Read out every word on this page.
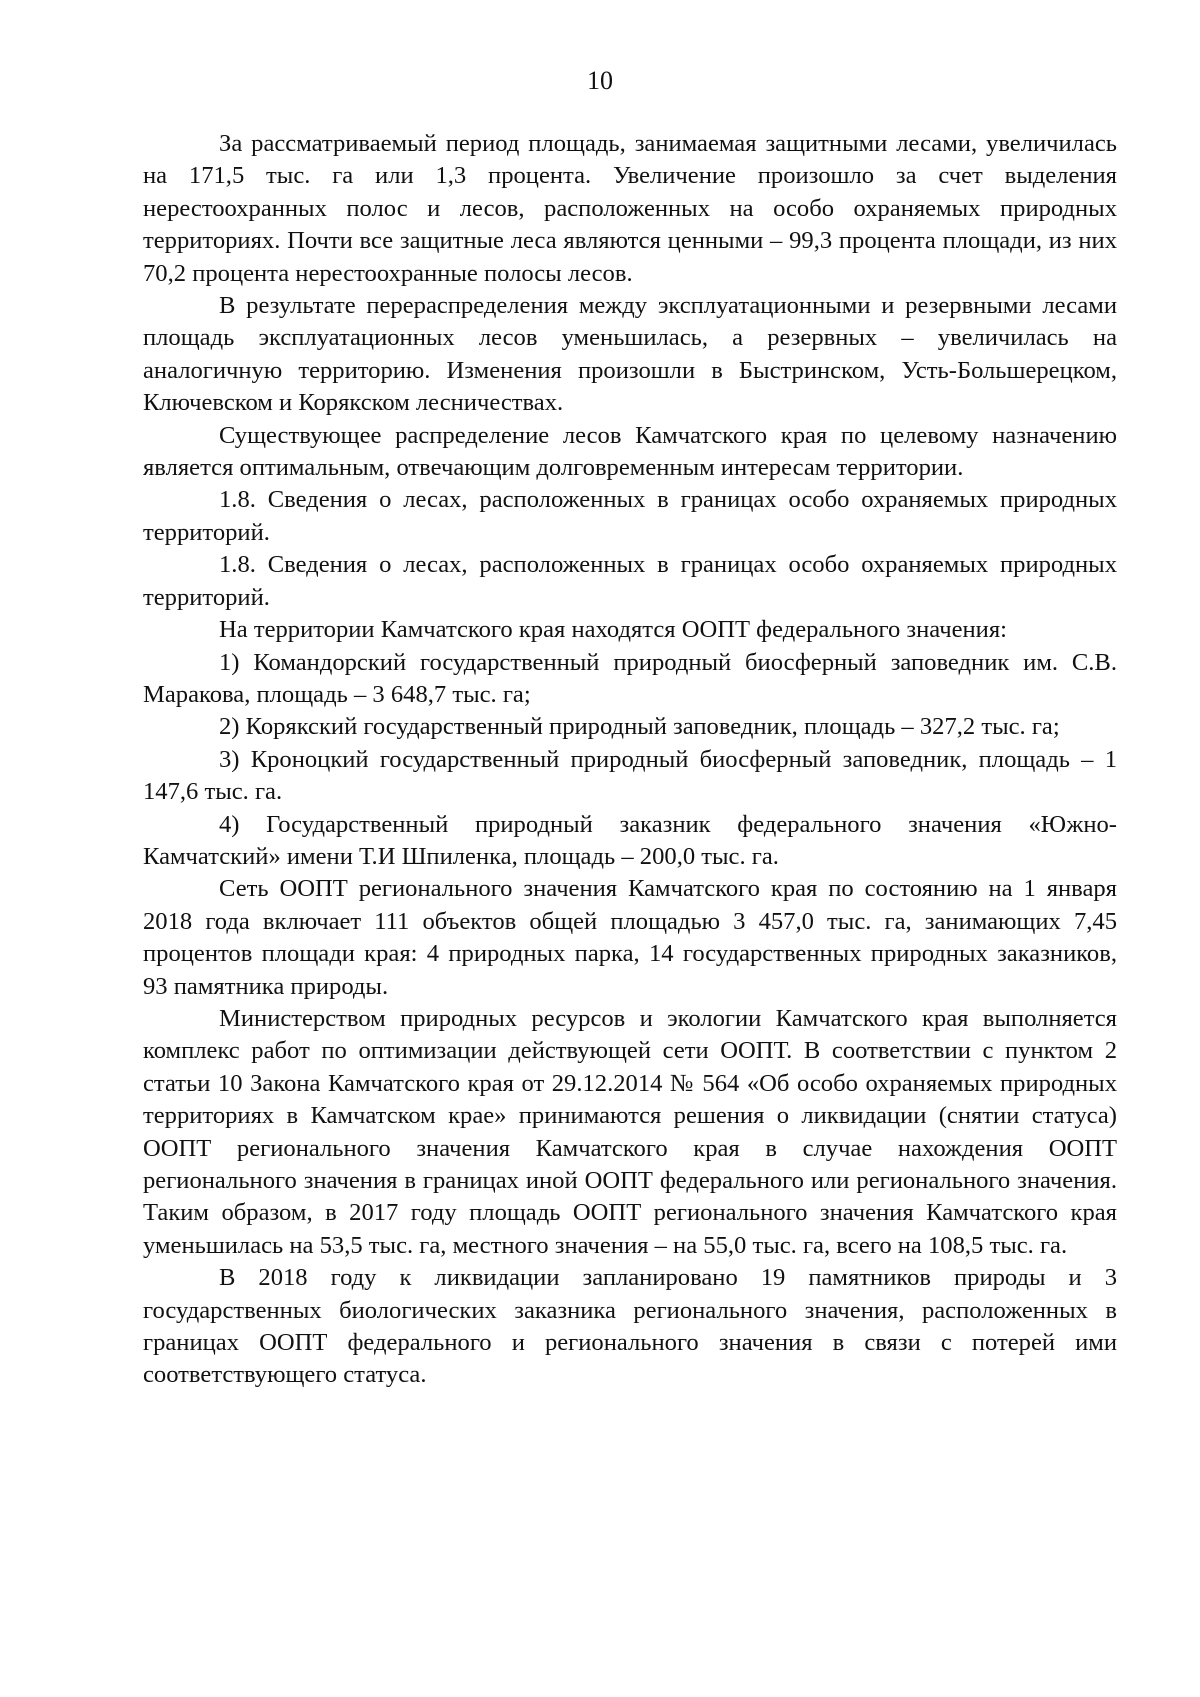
10

За рассматриваемый период площадь, занимаемая защитными лесами, увеличилась на 171,5 тыс. га или 1,3 процента. Увеличение произошло за счет выделения нерестоохранных полос и лесов, расположенных на особо охраняемых природных территориях. Почти все защитные леса являются ценными – 99,3 процента площади, из них 70,2 процента нерестоохранные полосы лесов.

В результате перераспределения между эксплуатационными и резервными лесами площадь эксплуатационных лесов уменьшилась, а резервных – увеличилась на аналогичную территорию. Изменения произошли в Быстринском, Усть-Большерецком, Ключевском и Корякском лесничествах.

Существующее распределение лесов Камчатского края по целевому назначению является оптимальным, отвечающим долговременным интересам территории.

1.8. Сведения о лесах, расположенных в границах особо охраняемых природных территорий.

1.8. Сведения о лесах, расположенных в границах особо охраняемых природных территорий.

На территории Камчатского края находятся ООПТ федерального значения:

1) Командорский государственный природный биосферный заповедник им. С.В. Маракова, площадь – 3 648,7 тыс. га;

2) Корякский государственный природный заповедник, площадь – 327,2 тыс. га;

3) Кроноцкий государственный природный биосферный заповедник, площадь – 1 147,6 тыс. га.

4) Государственный природный заказник федерального значения «Южно-Камчатский» имени Т.И Шпиленка, площадь – 200,0 тыс. га.

Сеть ООПТ регионального значения Камчатского края по состоянию на 1 января 2018 года включает 111 объектов общей площадью 3 457,0 тыс. га, занимающих 7,45 процентов площади края: 4 природных парка, 14 государственных природных заказников, 93 памятника природы.

Министерством природных ресурсов и экологии Камчатского края выполняется комплекс работ по оптимизации действующей сети ООПТ. В соответствии с пунктом 2 статьи 10 Закона Камчатского края от 29.12.2014 № 564 «Об особо охраняемых природных территориях в Камчатском крае» принимаются решения о ликвидации (снятии статуса) ООПТ регионального значения Камчатского края в случае нахождения ООПТ регионального значения в границах иной ООПТ федерального или регионального значения. Таким образом, в 2017 году площадь ООПТ регионального значения Камчатского края уменьшилась на 53,5 тыс. га, местного значения – на 55,0 тыс. га, всего на 108,5 тыс. га.

В 2018 году к ликвидации запланировано 19 памятников природы и 3 государственных биологических заказника регионального значения, расположенных в границах ООПТ федерального и регионального значения в связи с потерей ими соответствующего статуса.
